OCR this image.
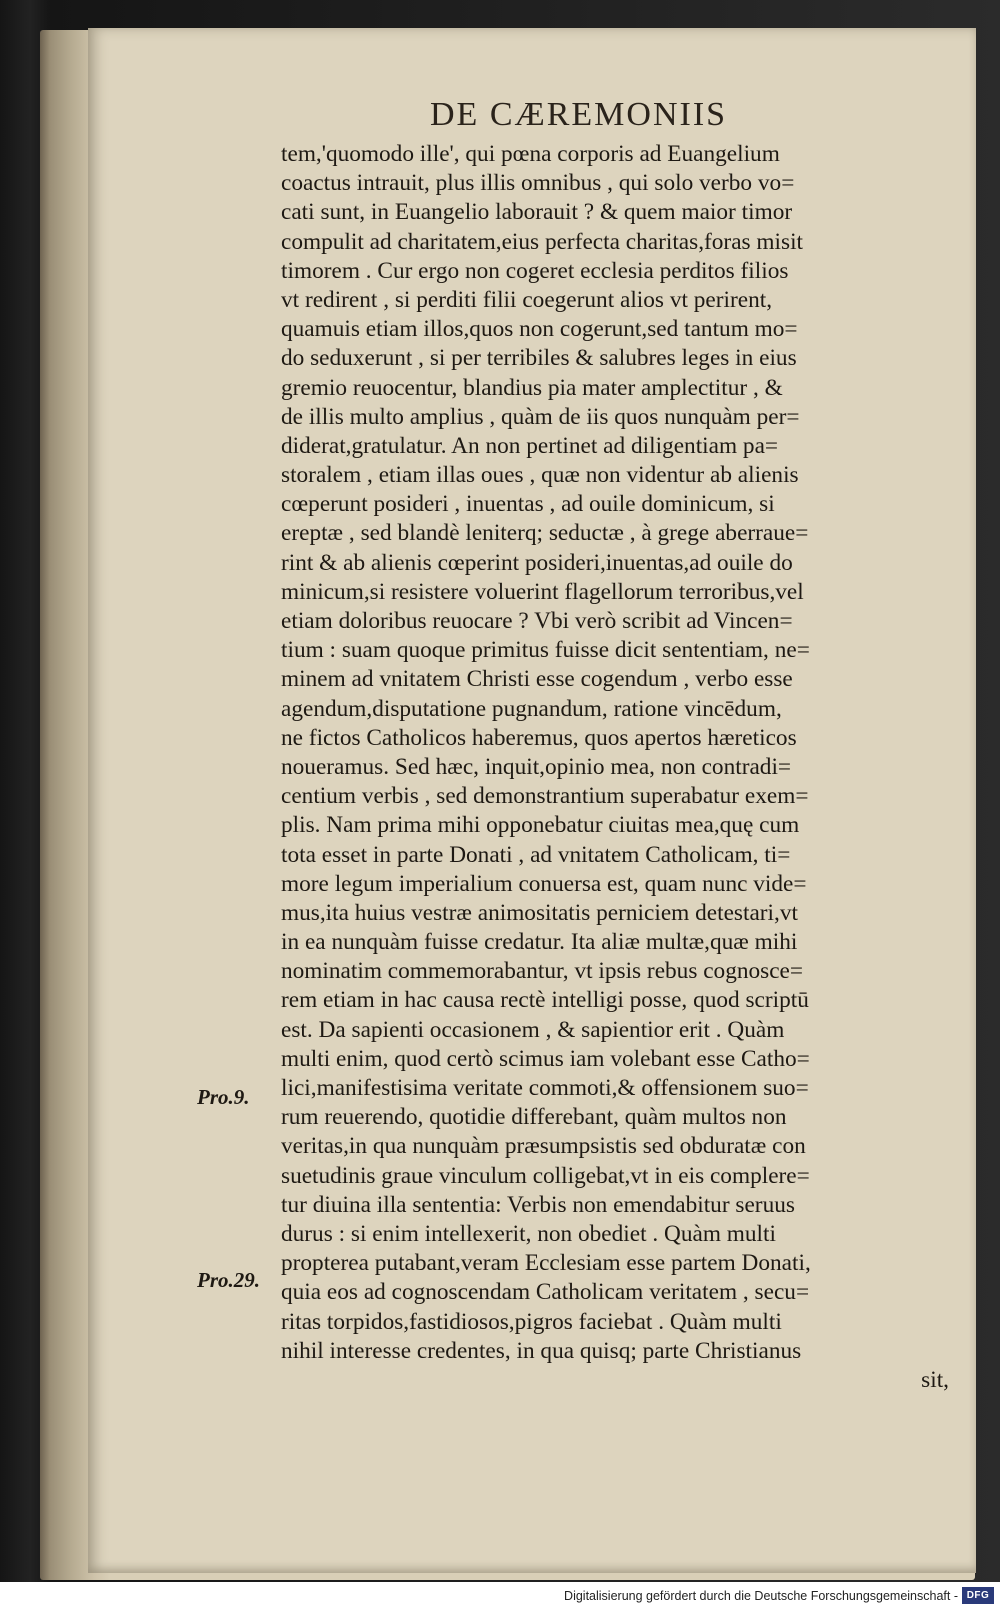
DE CÆREMONIIS
tem,'quomodo ille', qui pœna corporis ad Euangelium
coactus intrauit, plus illis omnibus , qui solo verbo vo=
cati sunt, in Euangelio laborauit ? & quem maior timor
compulit ad charitatem,eius perfecta charitas,foras misit
timorem . Cur ergo non cogeret ecclesia perditos filios
vt redirent , si perditi filii coegerunt alios vt perirent,
quamuis etiam illos,quos non cogerunt,sed tantum mo=
do seduxerunt , si per terribiles & salubres leges in eius
gremio reuocentur, blandius pia mater amplectitur , &
de illis multo amplius , quàm de iis quos nunquàm per=
diderat,gratulatur. An non pertinet ad diligentiam pa=
storalem , etiam illas oues , quæ non videntur ab alienis
cœperunt posideri , inuentas , ad ouile dominicum, si
ereptæ , sed blandè leniterq; seductæ , à grege aberraue=
rint & ab alienis cœperint posideri,inuentas,ad ouile do
minicum,si resistere voluerint flagellorum terroribus,vel
etiam doloribus reuocare ? Vbi verò scribit ad Vincen=
tium : suam quoque primitus fuisse dicit sententiam, ne=
minem ad vnitatem Christi esse cogendum , verbo esse
agendum,disputatione pugnandum, ratione vincēdum,
ne fictos Catholicos haberemus, quos apertos hæreticos
noueramus. Sed hæc, inquit,opinio mea, non contradi=
centium verbis , sed demonstrantium superabatur exem=
plis. Nam prima mihi opponebatur ciuitas mea,quę cum
tota esset in parte Donati , ad vnitatem Catholicam, ti=
more legum imperialium conuersa est, quam nunc vide=
mus,ita huius vestræ animositatis perniciem detestari,vt
in ea nunquàm fuisse credatur. Ita aliæ multæ,quæ mihi
nominatim commemorabantur, vt ipsis rebus cognosce=
rem etiam in hac causa rectè intelligi posse, quod scriptū
est. Da sapienti occasionem , & sapientior erit . Quàm
multi enim, quod certò scimus iam volebant esse Catho=
lici,manifestisima veritate commoti,& offensionem suo=
rum reuerendo, quotidie differebant, quàm multos non
veritas,in qua nunquàm præsumpsistis sed obduratæ con
suetudinis graue vinculum colligebat,vt in eis complere=
tur diuina illa sententia: Verbis non emendabitur seruus
durus : si enim intellexerit, non obediet . Quàm multi
propterea putabant,veram Ecclesiam esse partem Donati,
quia eos ad cognoscendam Catholicam veritatem , secu=
ritas torpidos,fastidiosos,pigros faciebat . Quàm multi
nihil interesse credentes, in qua quisq; parte Christianus
sit,
Pro.9.
Pro.29.
Digitalisierung gefördert durch die Deutsche Forschungsgemeinschaft - DFG
